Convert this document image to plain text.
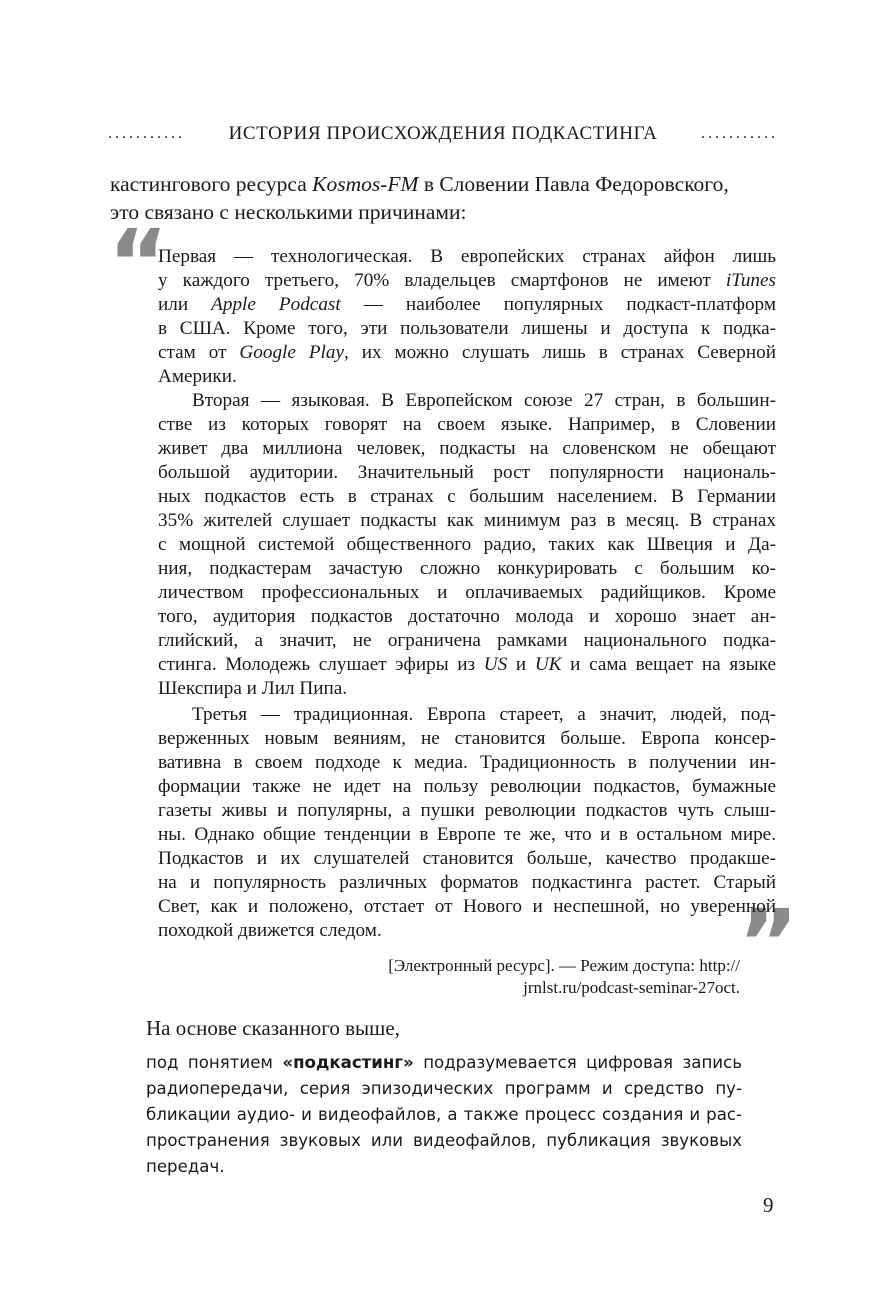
........... ИСТОРИЯ ПРОИСХОЖДЕНИЯ ПОДКАСТИНГА	...........
кастингового ресурса Kosmos-FM в Словении Павла Федоровского,
это связано с несколькими причинами:
“
”
Первая — технологическая. В европейских странах айфон лишь
у каждого третьего, 70% владельцев смартфонов не имеют iTunes
или Apple Podcast — наиболее популярных подкаст-платформ
в США. Кроме того, эти пользователи лишены и доступа к подка-
стам от Google Play, их можно слушать лишь в странах Северной
Америки.
Вторая — языковая. В Европейском союзе 27 стран, в большин-
стве из которых говорят на своем языке. Например, в Словении
живет два миллиона человек, подкасты на словенском не обещают
большой аудитории. Значительный рост популярности националь-
ных подкастов есть в странах с большим населением. В Германии
35% жителей слушает подкасты как минимум раз в месяц. В странах
с мощной системой общественного радио, таких как Швеция и Да-
ния, подкастерам зачастую сложно конкурировать с большим ко-
личеством профессиональных и оплачиваемых радийщиков. Кроме
того, аудитория подкастов достаточно молода и хорошо знает ан-
глийский, а значит, не ограничена рамками национального подка-
стинга. Молодежь слушает эфиры из US и UK и сама вещает на языке
Шекспира и Лил Пипа.
Третья — традиционная. Европа стареет, а значит, людей, под-
верженных новым веяниям, не становится больше. Европа консер-
вативна в своем подходе к медиа. Традиционность в получении ин-
формации также не идет на пользу революции подкастов, бумажные
газеты живы и популярны, а пушки революции подкастов чуть слыш-
ны. Однако общие тенденции в Европе те же, что и в остальном мире.
Подкастов и их слушателей становится больше, качество продакше-
на и популярность различных форматов подкастинга растет. Старый
Свет, как и положено, отстает от Нового и неспешной, но уверенной
походкой движется следом.
[Электронный ресурс]. — Режим доступа: http://
jrnlst.ru/podcast-seminar-27oct.
На основе сказанного выше,
под понятием «подкастинг» подразумевается цифровая запись
радиопередачи, серия эпизодических программ и средство пу-
бликации аудио- и видеофайлов, а также процесс создания и рас-
пространения звуковых или видеофайлов, публикация звуковых
передач.
9
